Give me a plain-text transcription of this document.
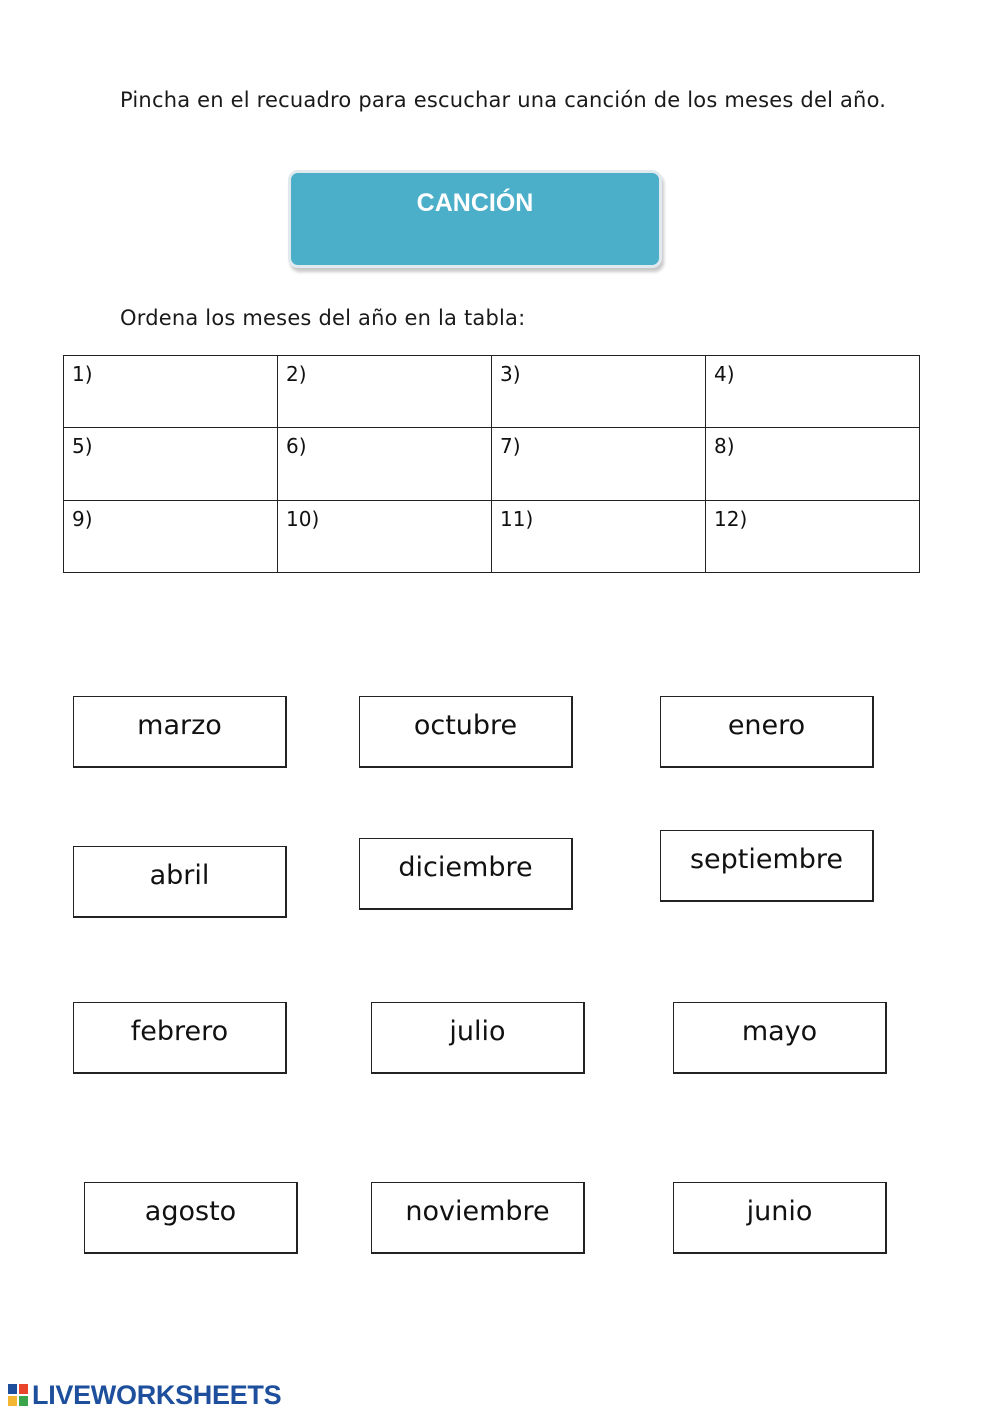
Pincha en el recuadro para escuchar una canción de los meses del año.
CANCIÓN
Ordena los meses del año en la tabla:
1)	2)	3)	4)
5)	6)	7)	8)
9)	10)	11)	12)
marzo	octubre	enero
abril	diciembre	septiembre
febrero	julio	mayo
agosto	noviembre	junio
LIVEWORKSHEETS
